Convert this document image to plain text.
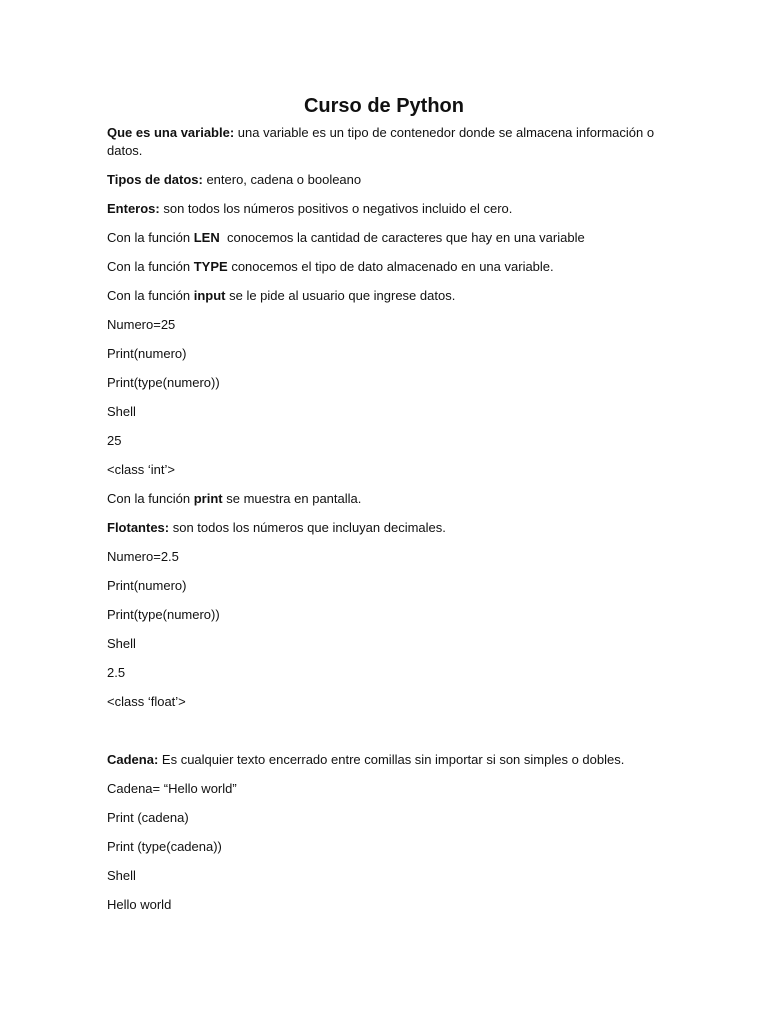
Curso de Python

Que es una variable: una variable es un tipo de contenedor donde se almacena información o datos.

Tipos de datos: entero, cadena o booleano

Enteros: son todos los números positivos o negativos incluido el cero.

Con la función LEN  conocemos la cantidad de caracteres que hay en una variable

Con la función TYPE conocemos el tipo de dato almacenado en una variable.

Con la función input se le pide al usuario que ingrese datos.

Numero=25

Print(numero)

Print(type(numero))

Shell

25

<class ‘int’>

Con la función print se muestra en pantalla.

Flotantes: son todos los números que incluyan decimales.

Numero=2.5

Print(numero)

Print(type(numero))

Shell

2.5

<class ‘float’>

Cadena: Es cualquier texto encerrado entre comillas sin importar si son simples o dobles.

Cadena= “Hello world”

Print (cadena)

Print (type(cadena))

Shell

Hello world
